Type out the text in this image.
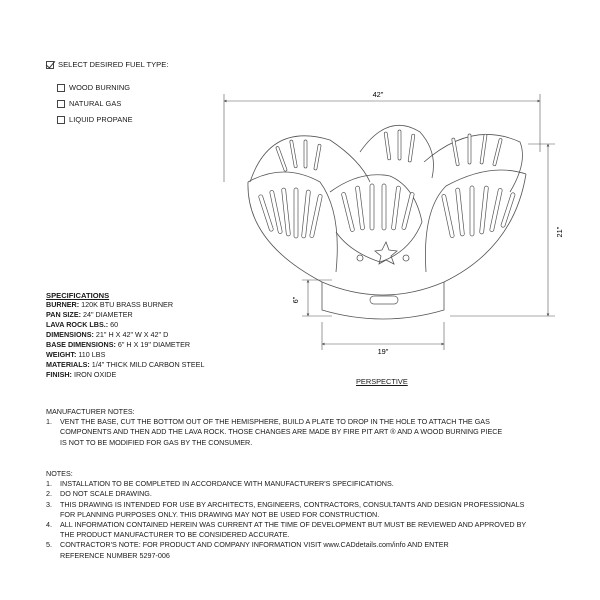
SELECT DESIRED FUEL TYPE:
WOOD BURNING
NATURAL GAS
LIQUID PROPANE
42"
21"
6"
19"
PERSPECTIVE
SPECIFICATIONS
BURNER: 120K BTU BRASS BURNER
PAN SIZE: 24" DIAMETER
LAVA ROCK LBS.: 60
DIMENSIONS: 21" H X 42" W X 42" D
BASE DIMENSIONS: 6" H X 19" DIAMETER
WEIGHT: 110 LBS
MATERIALS: 1/4" THICK MILD CARBON STEEL
FINISH: IRON OXIDE
MANUFACTURER NOTES:
1.	VENT THE BASE, CUT THE BOTTOM OUT OF THE HEMISPHERE, BUILD A PLATE TO DROP IN THE HOLE TO ATTACH THE GAS
COMPONENTS AND THEN ADD THE LAVA ROCK. THOSE CHANGES ARE MADE BY FIRE PIT ART ® AND A WOOD BURNING PIECE
IS NOT TO BE MODIFIED FOR GAS BY THE CONSUMER.
NOTES:
1.	INSTALLATION TO BE COMPLETED IN ACCORDANCE WITH MANUFACTURER'S SPECIFICATIONS.
2.	DO NOT SCALE DRAWING.
3.	THIS DRAWING IS INTENDED FOR USE BY ARCHITECTS, ENGINEERS, CONTRACTORS, CONSULTANTS AND DESIGN PROFESSIONALS
FOR PLANNING PURPOSES ONLY. THIS DRAWING MAY NOT BE USED FOR CONSTRUCTION.
4.	ALL INFORMATION CONTAINED HEREIN WAS CURRENT AT THE TIME OF DEVELOPMENT BUT MUST BE REVIEWED AND APPROVED BY
THE PRODUCT MANUFACTURER TO BE CONSIDERED ACCURATE.
5.	CONTRACTOR'S NOTE: FOR PRODUCT AND COMPANY INFORMATION VISIT www.CADdetails.com/info AND ENTER
REFERENCE NUMBER 5297-006
